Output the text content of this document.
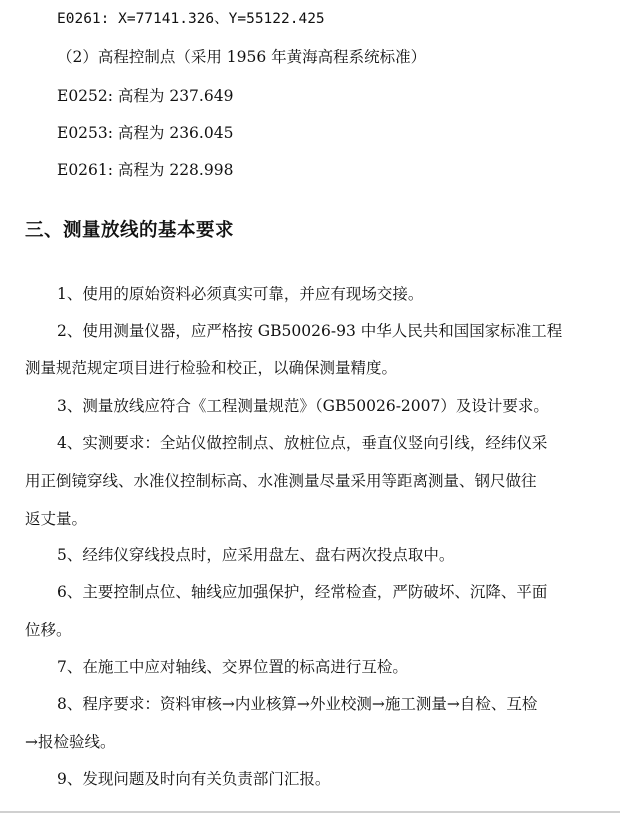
E0261: X=77141.326、Y=55122.425
（2）高程控制点（采用 1956 年黄海高程系统标准）
E0252: 高程为 237.649
E0253: 高程为 236.045
E0261: 高程为 228.998
三、测量放线的基本要求
1、使用的原始资料必须真实可靠，并应有现场交接。
2、使用测量仪器，应严格按 GB50026-93 中华人民共和国国家标准工程
测量规范规定项目进行检验和校正，以确保测量精度。
3、测量放线应符合《工程测量规范》（GB50026-2007）及设计要求。
4、实测要求：全站仪做控制点、放桩位点，垂直仪竖向引线，经纬仪采
用正倒镜穿线、水准仪控制标高、水准测量尽量采用等距离测量、钢尺做往
返丈量。
5、经纬仪穿线投点时，应采用盘左、盘右两次投点取中。
6、主要控制点位、轴线应加强保护，经常检查，严防破坏、沉降、平面
位移。
7、在施工中应对轴线、交界位置的标高进行互检。
8、程序要求：资料审核→内业核算→外业校测→施工测量→自检、互检
→报检验线。
9、发现问题及时向有关负责部门汇报。
